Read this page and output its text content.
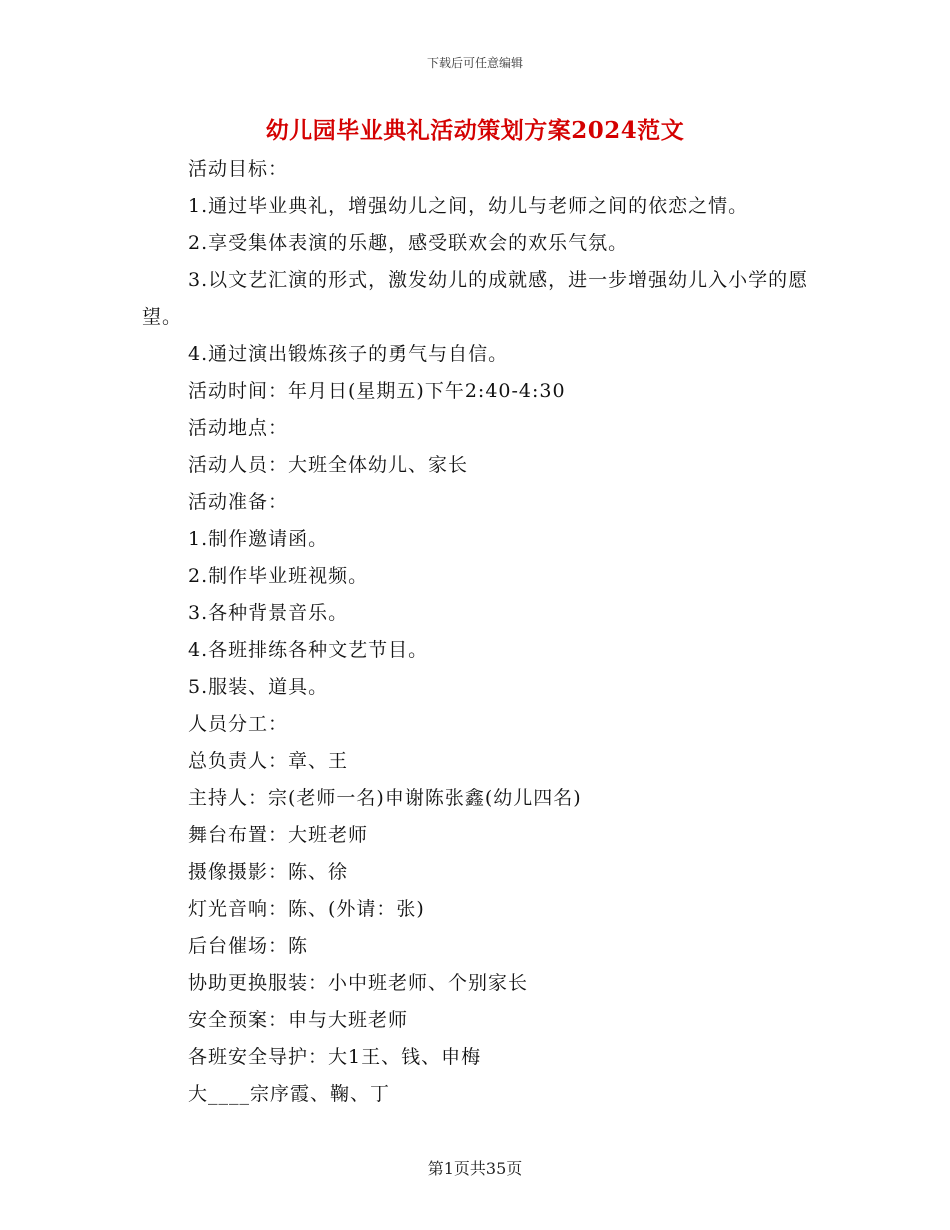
下载后可任意编辑
幼儿园毕业典礼活动策划方案2024范文

活动目标：

1.通过毕业典礼，增强幼儿之间，幼儿与老师之间的依恋之情。

2.享受集体表演的乐趣，感受联欢会的欢乐气氛。

3.以文艺汇演的形式，激发幼儿的成就感，进一步增强幼儿入小学的愿望。

4.通过演出锻炼孩子的勇气与自信。

活动时间：年月日(星期五)下午2:40-4:30

活动地点：

活动人员：大班全体幼儿、家长

活动准备：

1.制作邀请函。

2.制作毕业班视频。

3.各种背景音乐。

4.各班排练各种文艺节目。

5.服装、道具。

人员分工：

总负责人：章、王

主持人：宗(老师一名)申谢陈张鑫(幼儿四名)

舞台布置：大班老师

摄像摄影：陈、徐

灯光音响：陈、(外请：张)

后台催场：陈

协助更换服装：小中班老师、个别家长

安全预案：申与大班老师

各班安全导护：大1王、钱、申梅

大____宗序霞、鞠、丁

第1页共35页
